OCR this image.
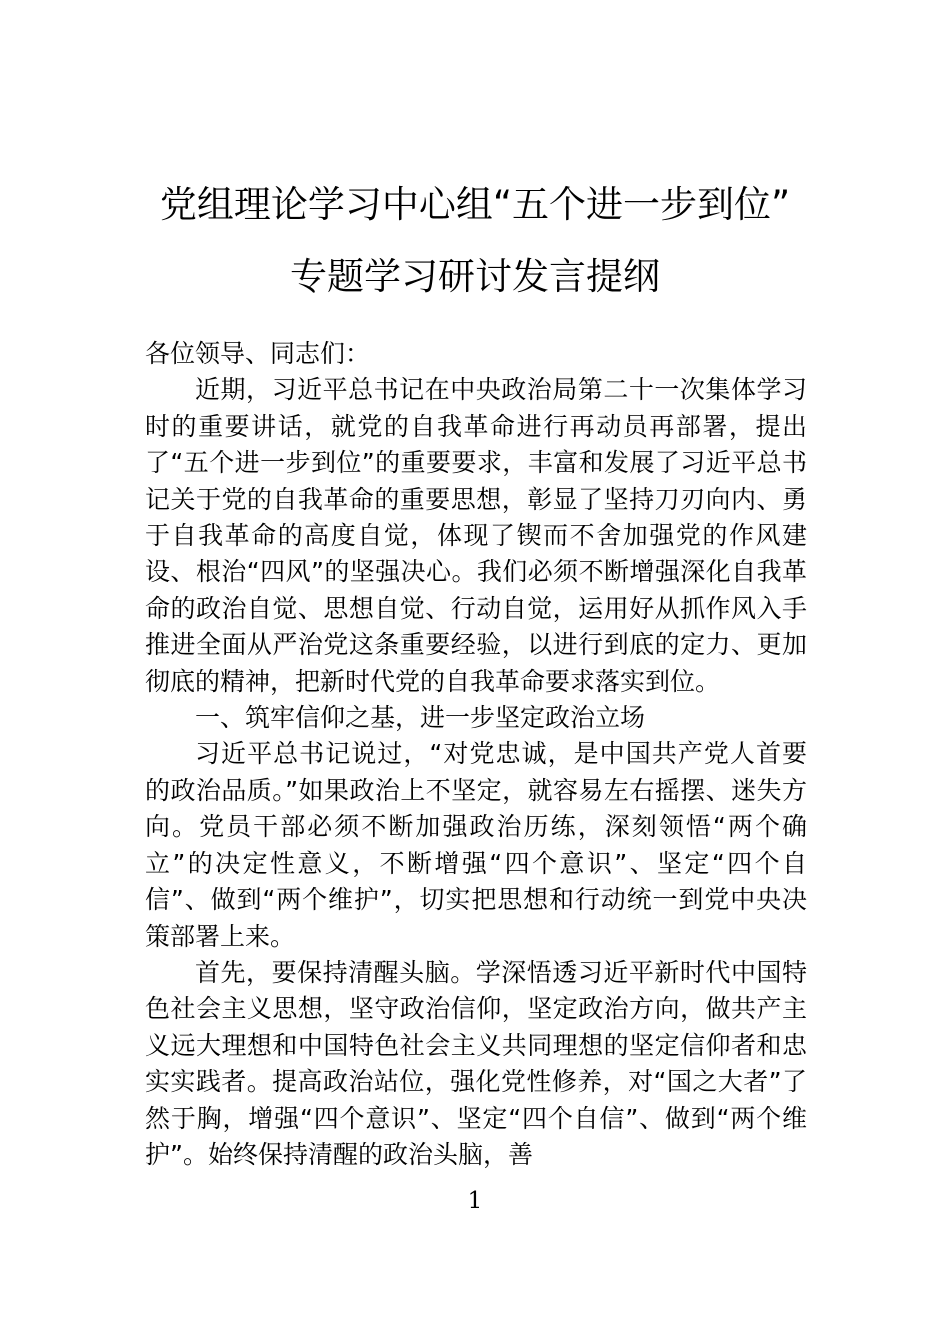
党组理论学习中心组“五个进一步到位”
专题学习研讨发言提纲

各位领导、同志们：

近期，习近平总书记在中央政治局第二十一次集体学习时的重要讲话，就党的自我革命进行再动员再部署，提出了“五个进一步到位”的重要要求，丰富和发展了习近平总书记关于党的自我革命的重要思想，彰显了坚持刀刃向内、勇于自我革命的高度自觉，体现了锲而不舍加强党的作风建设、根治“四风”的坚强决心。我们必须不断增强深化自我革命的政治自觉、思想自觉、行动自觉，运用好从抓作风入手推进全面从严治党这条重要经验，以进行到底的定力、更加彻底的精神，把新时代党的自我革命要求落实到位。

一、筑牢信仰之基，进一步坚定政治立场

习近平总书记说过，“对党忠诚，是中国共产党人首要的政治品质。”如果政治上不坚定，就容易左右摇摆、迷失方向。党员干部必须不断加强政治历练，深刻领悟“两个确立”的决定性意义，不断增强“四个意识”、坚定“四个自信”、做到“两个维护”，切实把思想和行动统一到党中央决策部署上来。

首先，要保持清醒头脑。学深悟透习近平新时代中国特色社会主义思想，坚守政治信仰，坚定政治方向，做共产主义远大理想和中国特色社会主义共同理想的坚定信仰者和忠实实践者。提高政治站位，强化党性修养，对“国之大者”了然于胸，增强“四个意识”、坚定“四个自信”、做到“两个维护”。始终保持清醒的政治头脑，善

1
